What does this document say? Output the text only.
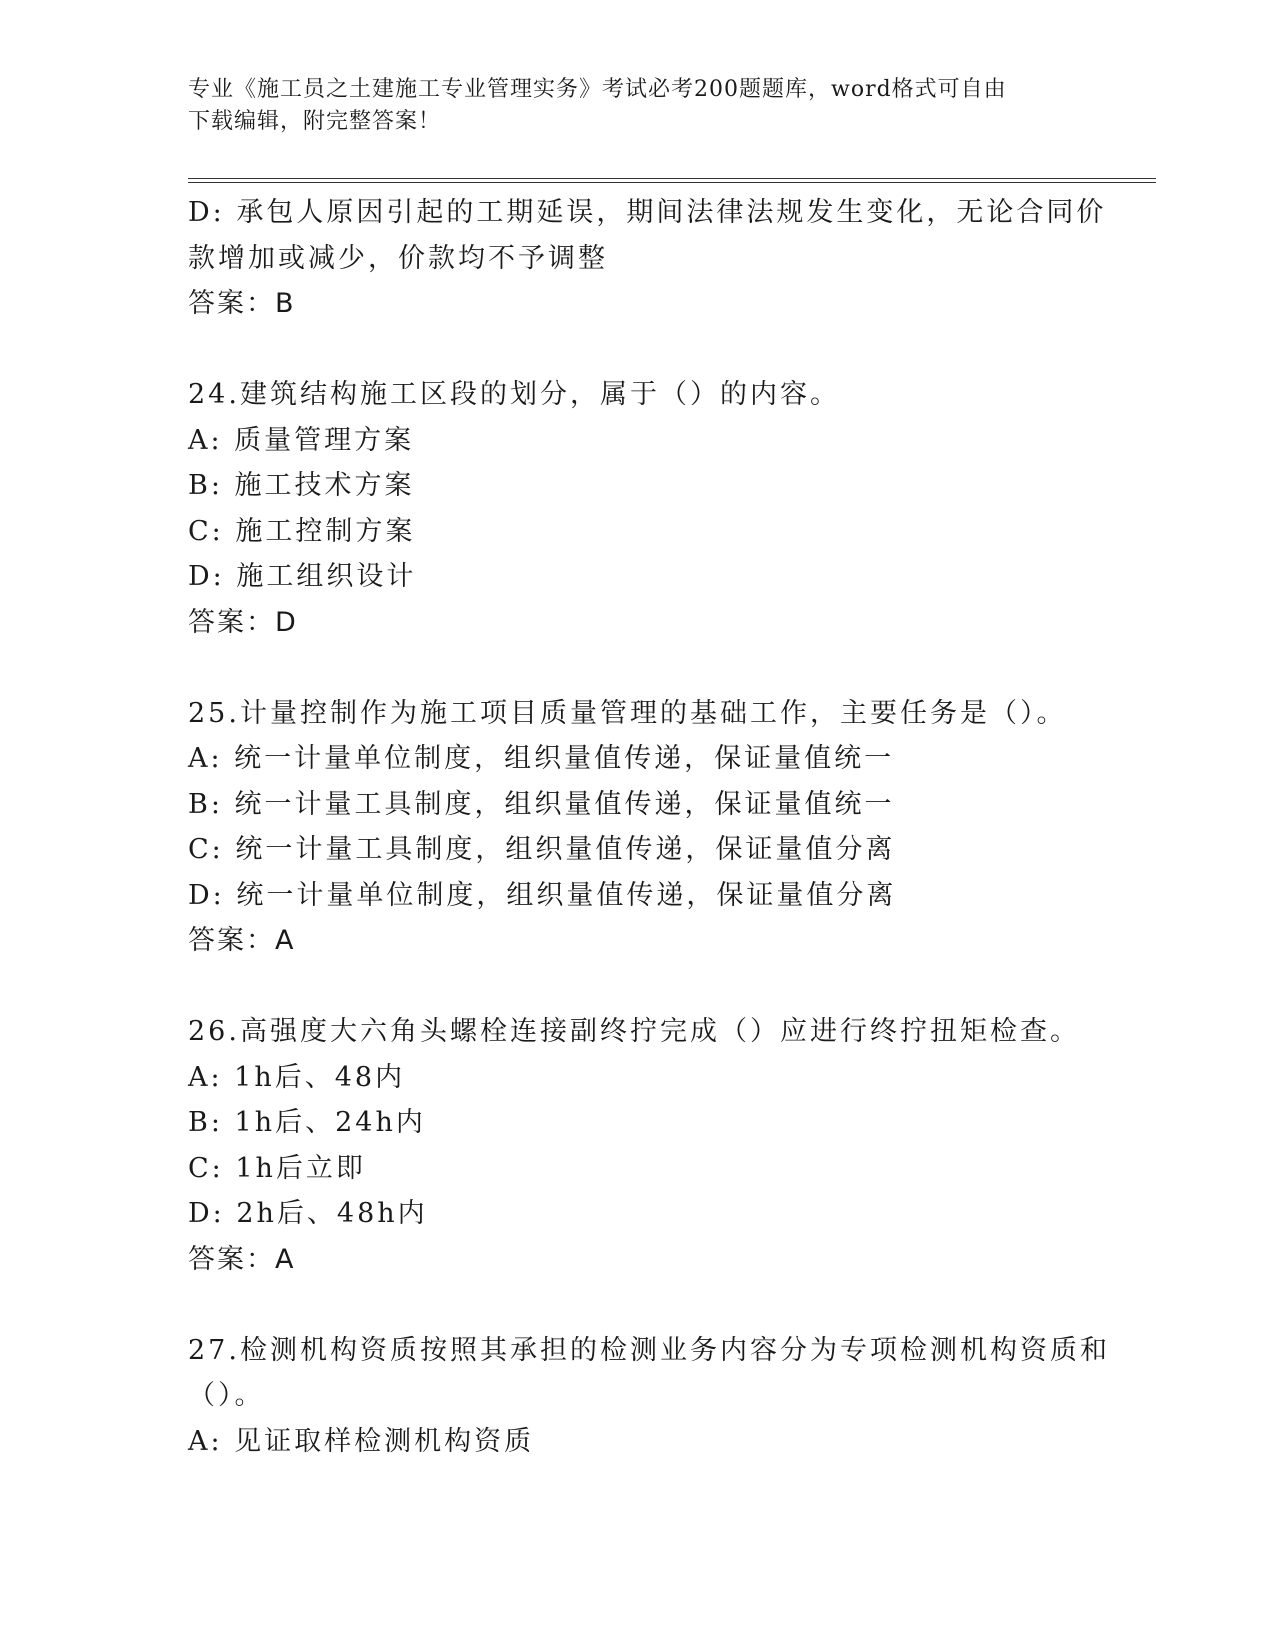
专业《施工员之土建施工专业管理实务》考试必考200题题库，word格式可自由
下载编辑，附完整答案！
D: 承包人原因引起的工期延误，期间法律法规发生变化，无论合同价
款增加或减少，价款均不予调整
答案：B
24.建筑结构施工区段的划分，属于（）的内容。
A: 质量管理方案
B: 施工技术方案
C: 施工控制方案
D: 施工组织设计
答案：D
25.计量控制作为施工项目质量管理的基础工作，主要任务是（）。
A: 统一计量单位制度，组织量值传递，保证量值统一
B: 统一计量工具制度，组织量值传递，保证量值统一
C: 统一计量工具制度，组织量值传递，保证量值分离
D: 统一计量单位制度，组织量值传递，保证量值分离
答案：A
26.高强度大六角头螺栓连接副终拧完成（）应进行终拧扭矩检查。
A: 1h后、48内
B: 1h后、24h内
C: 1h后立即
D: 2h后、48h内
答案：A
27.检测机构资质按照其承担的检测业务内容分为专项检测机构资质和
（）。
A: 见证取样检测机构资质
